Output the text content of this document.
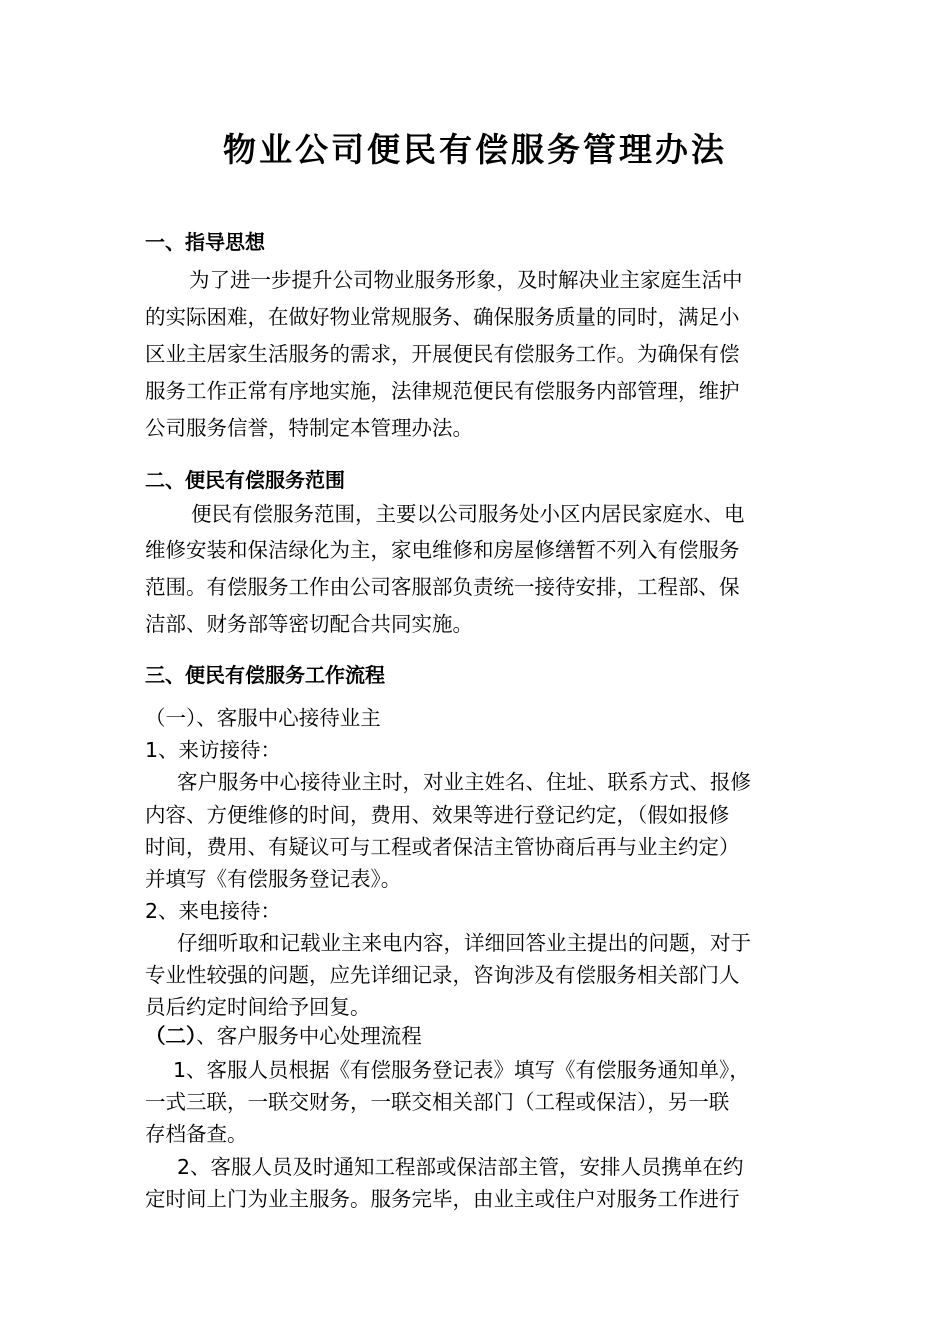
物业公司便民有偿服务管理办法
一、指导思想
为了进一步提升公司物业服务形象，及时解决业主家庭生活中
的实际困难，在做好物业常规服务、确保服务质量的同时，满足小
区业主居家生活服务的需求，开展便民有偿服务工作。为确保有偿
服务工作正常有序地实施，法律规范便民有偿服务内部管理，维护
公司服务信誉，特制定本管理办法。
二、便民有偿服务范围
便民有偿服务范围，主要以公司服务处小区内居民家庭水、电
维修安装和保洁绿化为主，家电维修和房屋修缮暂不列入有偿服务
范围。有偿服务工作由公司客服部负责统一接待安排，工程部、保
洁部、财务部等密切配合共同实施。
三、便民有偿服务工作流程
（一）、客服中心接待业主
1、来访接待：
客户服务中心接待业主时，对业主姓名、住址、联系方式、报修
内容、方便维修的时间，费用、效果等进行登记约定，（假如报修
时间，费用、有疑议可与工程或者保洁主管协商后再与业主约定）
并填写《有偿服务登记表》。
2、来电接待：
仔细听取和记载业主来电内容，详细回答业主提出的问题，对于
专业性较强的问题，应先详细记录，咨询涉及有偿服务相关部门人
员后约定时间给予回复。
（二）、客户服务中心处理流程
1、客服人员根据《有偿服务登记表》填写《有偿服务通知单》，
一式三联，一联交财务，一联交相关部门（工程或保洁），另一联
存档备查。
2、客服人员及时通知工程部或保洁部主管，安排人员携单在约
定时间上门为业主服务。服务完毕，由业主或住户对服务工作进行
